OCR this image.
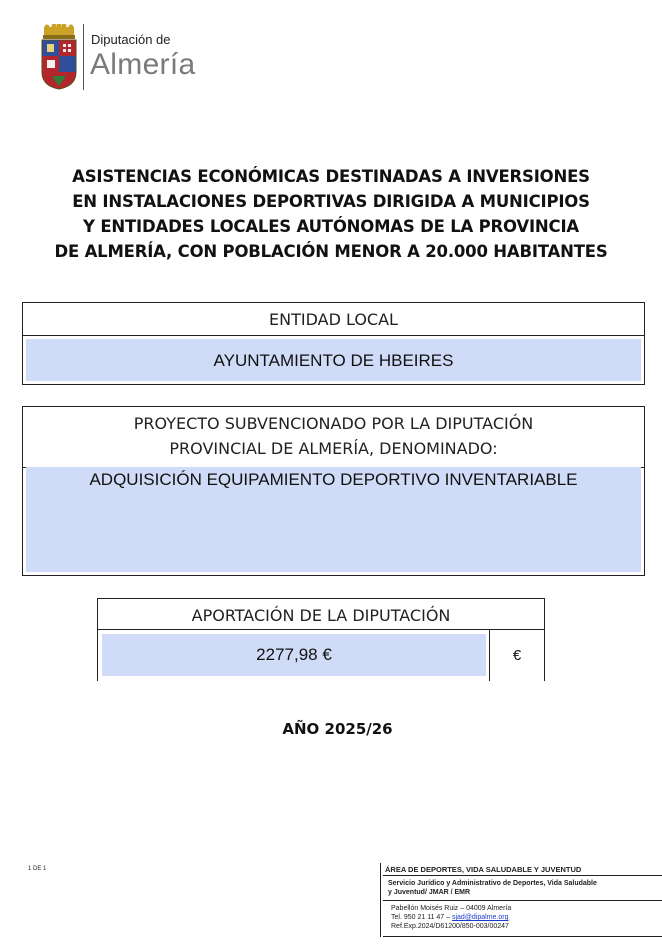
Diputación de
Almería
ASISTENCIAS ECONÓMICAS DESTINADAS A INVERSIONES
EN INSTALACIONES DEPORTIVAS DIRIGIDA A MUNICIPIOS
Y ENTIDADES LOCALES AUTÓNOMAS DE LA PROVINCIA
DE ALMERÍA, CON POBLACIÓN MENOR A 20.000 HABITANTES
ENTIDAD LOCAL
AYUNTAMIENTO DE HBEIRES
PROYECTO SUBVENCIONADO POR LA DIPUTACIÓN
PROVINCIAL DE ALMERÍA, DENOMINADO:
ADQUISICIÓN EQUIPAMIENTO DEPORTIVO INVENTARIABLE
APORTACIÓN DE LA DIPUTACIÓN
2277,98 €	€
AÑO 2025/26
1 DE 1	ÁREA DE DEPORTES, VIDA SALUDABLE Y JUVENTUD
Servicio Jurídico y Administrativo de Deportes, Vida Saludable y Juventud/ JMAR / EMR
Pabellón Moisés Ruiz – 04009 Almería
Tel. 950 21 11 47 – sjad@dipalme.org
Ref.Exp.2024/D61200/850-003/00247
